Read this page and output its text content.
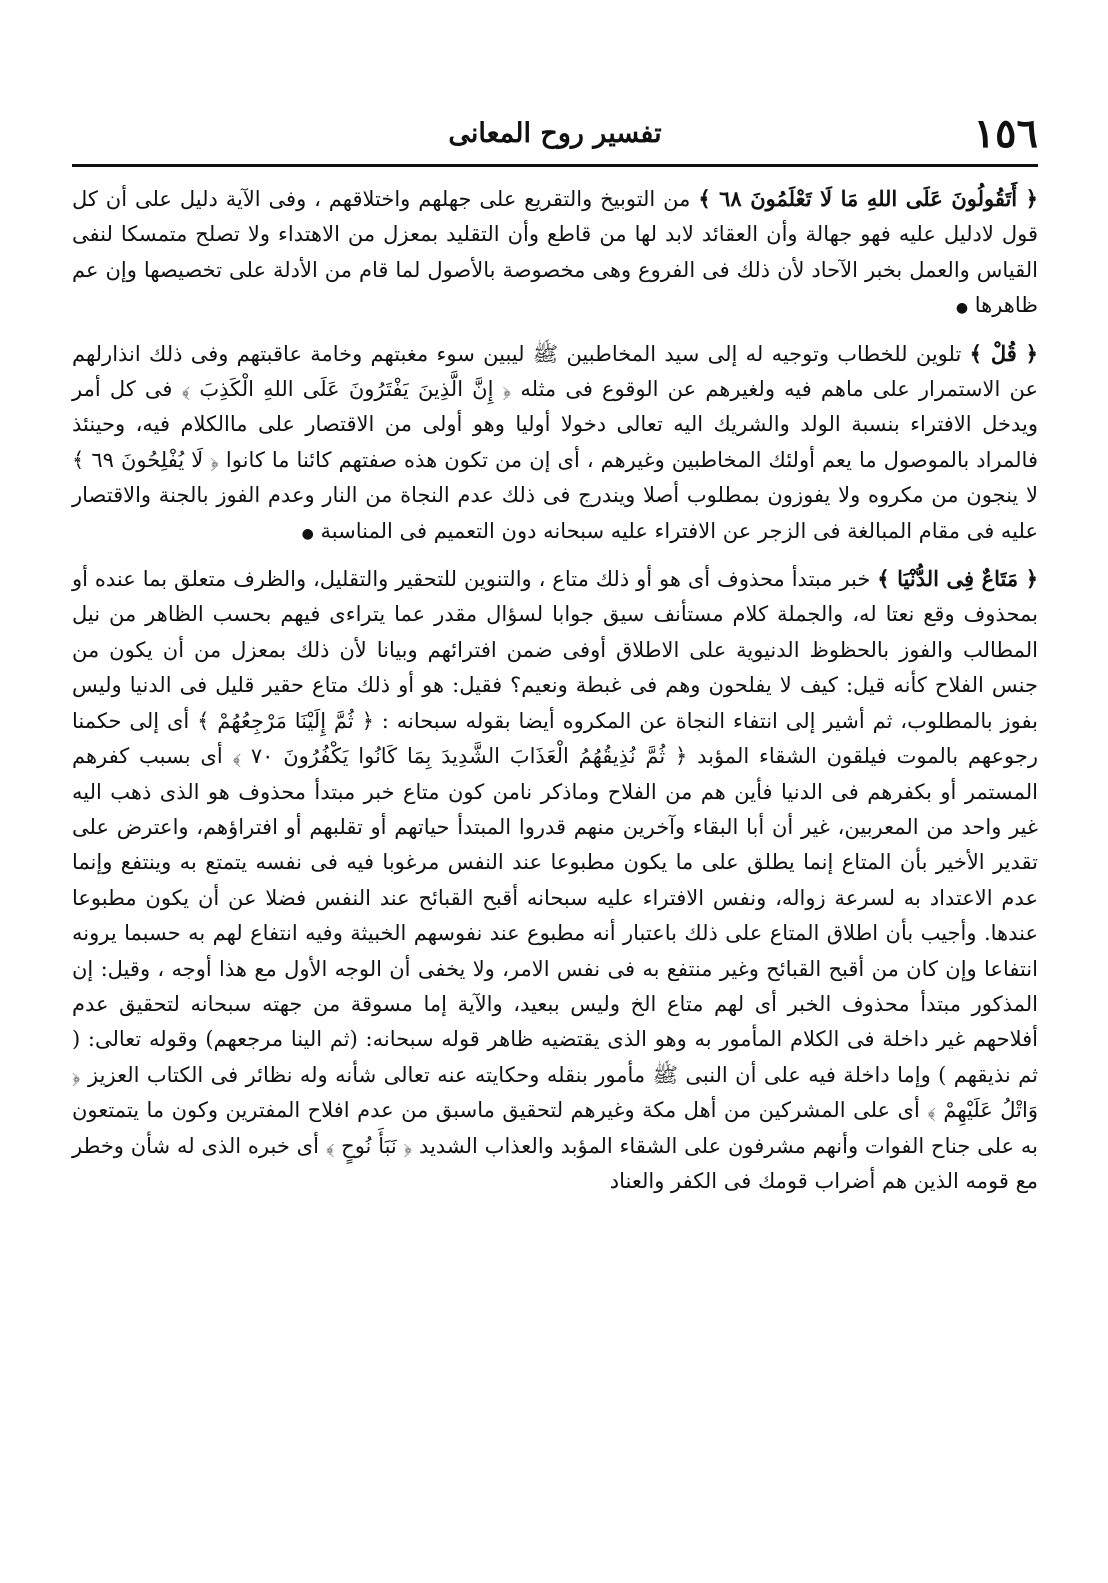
١٥٦
تفسير روح المعانى

﴿ أَتَقُولُونَ عَلَى اللهِ مَا لَا تَعْلَمُونَ ٦٨ ﴾ من التوبيخ والتقريع على جهلهم واختلاقهم ، وفى الآية دليل على أن كل قول لادليل عليه فهو جهالة وأن العقائد لابد لها من قاطع وأن التقليد بمعزل من الاهتداء ولا تصلح متمسكا لنفى القياس والعمل بخبر الآحاد لأن ذلك فى الفروع وهى مخصوصة بالأصول لما قام من الأدلة على تخصيصها وإن عم ظاهرها ●

﴿ قُلْ ﴾ تلوين للخطاب وتوجيه له إلى سيد المخاطبين ﷺ ليبين سوء مغبتهم وخامة عاقبتهم وفى ذلك انذارلهم عن الاستمرار على ماهم فيه ولغيرهم عن الوقوع فى مثله ﴿ إِنَّ الَّذِينَ يَفْتَرُونَ عَلَى اللهِ الْكَذِبَ ﴾ فى كل أمر ويدخل الافتراء بنسبة الولد والشريك اليه تعالى دخولا أوليا وهو أولى من الاقتصار على ماالكلام فيه، وحينئذ فالمراد بالموصول ما يعم أولئك المخاطبين وغيرهم ، أى إن من تكون هذه صفتهم كائنا ما كانوا ﴿ لَا يُفْلِحُونَ ٦٩ ﴾ لا ينجون من مكروه ولا يفوزون بمطلوب أصلا ويندرج فى ذلك عدم النجاة من النار وعدم الفوز بالجنة والاقتصار عليه فى مقام المبالغة فى الزجر عن الافتراء عليه سبحانه دون التعميم فى المناسبة ●

﴿ مَتَاعٌ فِى الدُّنْيَا ﴾ خبر مبتدأ محذوف أى هو أو ذلك متاع ، والتنوين للتحقير والتقليل، والظرف متعلق بما عنده أو بمحذوف وقع نعتا له، والجملة كلام مستأنف سيق جوابا لسؤال مقدر عما يتراءى فيهم بحسب الظاهر من نيل المطالب والفوز بالحظوظ الدنيوية على الاطلاق أوفى ضمن افترائهم وبيانا لأن ذلك بمعزل من أن يكون من جنس الفلاح كأنه قيل: كيف لا يفلحون وهم فى غبطة ونعيم؟ فقيل: هو أو ذلك متاع حقير قليل فى الدنيا وليس بفوز بالمطلوب، ثم أشير إلى انتفاء النجاة عن المكروه أيضا بقوله سبحانه : ﴿ ثُمَّ إِلَيْنَا مَرْجِعُهُمْ ﴾ أى إلى حكمنا رجوعهم بالموت فيلقون الشقاء المؤبد ﴿ ثُمَّ نُذِيقُهُمُ الْعَذَابَ الشَّدِيدَ بِمَا كَانُوا يَكْفُرُونَ ٧٠ ﴾ أى بسبب كفرهم المستمر أو بكفرهم فى الدنيا فأين هم من الفلاح وماذكر نامن كون متاع خبر مبتدأ محذوف هو الذى ذهب اليه غير واحد من المعربين، غير أن أبا البقاء وآخرين منهم قدروا المبتدأ حياتهم أو تقلبهم أو افتراؤهم، واعترض على تقدير الأخير بأن المتاع إنما يطلق على ما يكون مطبوعا عند النفس مرغوبا فيه فى نفسه يتمتع به وينتفع وإنما عدم الاعتداد به لسرعة زواله، ونفس الافتراء عليه سبحانه أقبح القبائح عند النفس فضلا عن أن يكون مطبوعا عندها. وأجيب بأن اطلاق المتاع على ذلك باعتبار أنه مطبوع عند نفوسهم الخبيثة وفيه انتفاع لهم به حسبما يرونه انتفاعا وإن كان من أقبح القبائح وغير منتفع به فى نفس الامر، ولا يخفى أن الوجه الأول مع هذا أوجه ، وقيل: إن المذكور مبتدأ محذوف الخبر أى لهم متاع الخ وليس ببعيد، والآية إما مسوقة من جهته سبحانه لتحقيق عدم أفلاحهم غير داخلة فى الكلام المأمور به وهو الذى يقتضيه ظاهر قوله سبحانه: (ثم الينا مرجعهم) وقوله تعالى: ( ثم نذيقهم ) وإما داخلة فيه على أن النبى ﷺ مأمور بنقله وحكايته عنه تعالى شأنه وله نظائر فى الكتاب العزيز ﴿ وَاتْلُ عَلَيْهِمْ ﴾ أى على المشركين من أهل مكة وغيرهم لتحقيق ماسبق من عدم افلاح المفترين وكون ما يتمتعون به على جناح الفوات وأنهم مشرفون على الشقاء المؤبد والعذاب الشديد ﴿ نَبَأَ نُوحٍ ﴾ أى خبره الذى له شأن وخطر مع قومه الذين هم أضراب قومك فى الكفر والعناد
